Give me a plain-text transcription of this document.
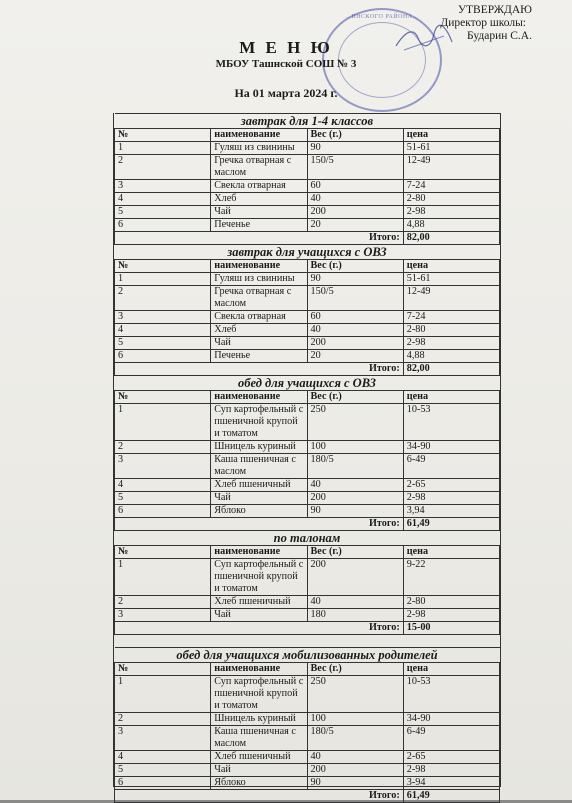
...ИНСКОГО РАЙОНА...
УТВЕРЖДАЮ
Директор школы:
Бударин С.А.
М Е Н Ю
МБОУ Ташнской СОШ № 3
На 01 марта 2024 г.
завтрак для 1-4 классов			
№	наименование	Вес (г.)	цена
1	Гуляш из свинины	90	51-61
2	Гречка отварная с маслом	150/5	12-49
3	Свекла отварная	60	7-24
4	Хлеб	40	2-80
5	Чай	200	2-98
6	Печенье	20	4,88
Итого:			82,00
завтрак для учащихся с ОВЗ			
№	наименование	Вес (г.)	цена
1	Гуляш из свинины	90	51-61
2	Гречка отварная с маслом	150/5	12-49
3	Свекла отварная	60	7-24
4	Хлеб	40	2-80
5	Чай	200	2-98
6	Печенье	20	4,88
Итого:			82,00
обед для учащихся с ОВЗ			
№	наименование	Вес (г.)	цена
1	Суп картофельный с пшеничной крупой и томатом	250	10-53
2	Шницель куриный	100	34-90
3	Каша пшеничная с маслом	180/5	6-49
4	Хлеб пшеничный	40	2-65
5	Чай	200	2-98
6	Яблоко	90	3,94
Итого:			61,49
по талонам			
№	наименование	Вес (г.)	цена
1	Суп картофельный с пшеничной крупой и томатом	200	9-22
2	Хлеб пшеничный	40	2-80
3	Чай	180	2-98
Итого:			15-00

обед для учащихся мобилизованных родителей			
№	наименование	Вес (г.)	цена
1	Суп картофельный с пшеничной крупой и томатом	250	10-53
2	Шницель куриный	100	34-90
3	Каша пшеничная с маслом	180/5	6-49
4	Хлеб пшеничный	40	2-65
5	Чай	200	2-98
6	Яблоко	90	3-94
Итого:			61,49
